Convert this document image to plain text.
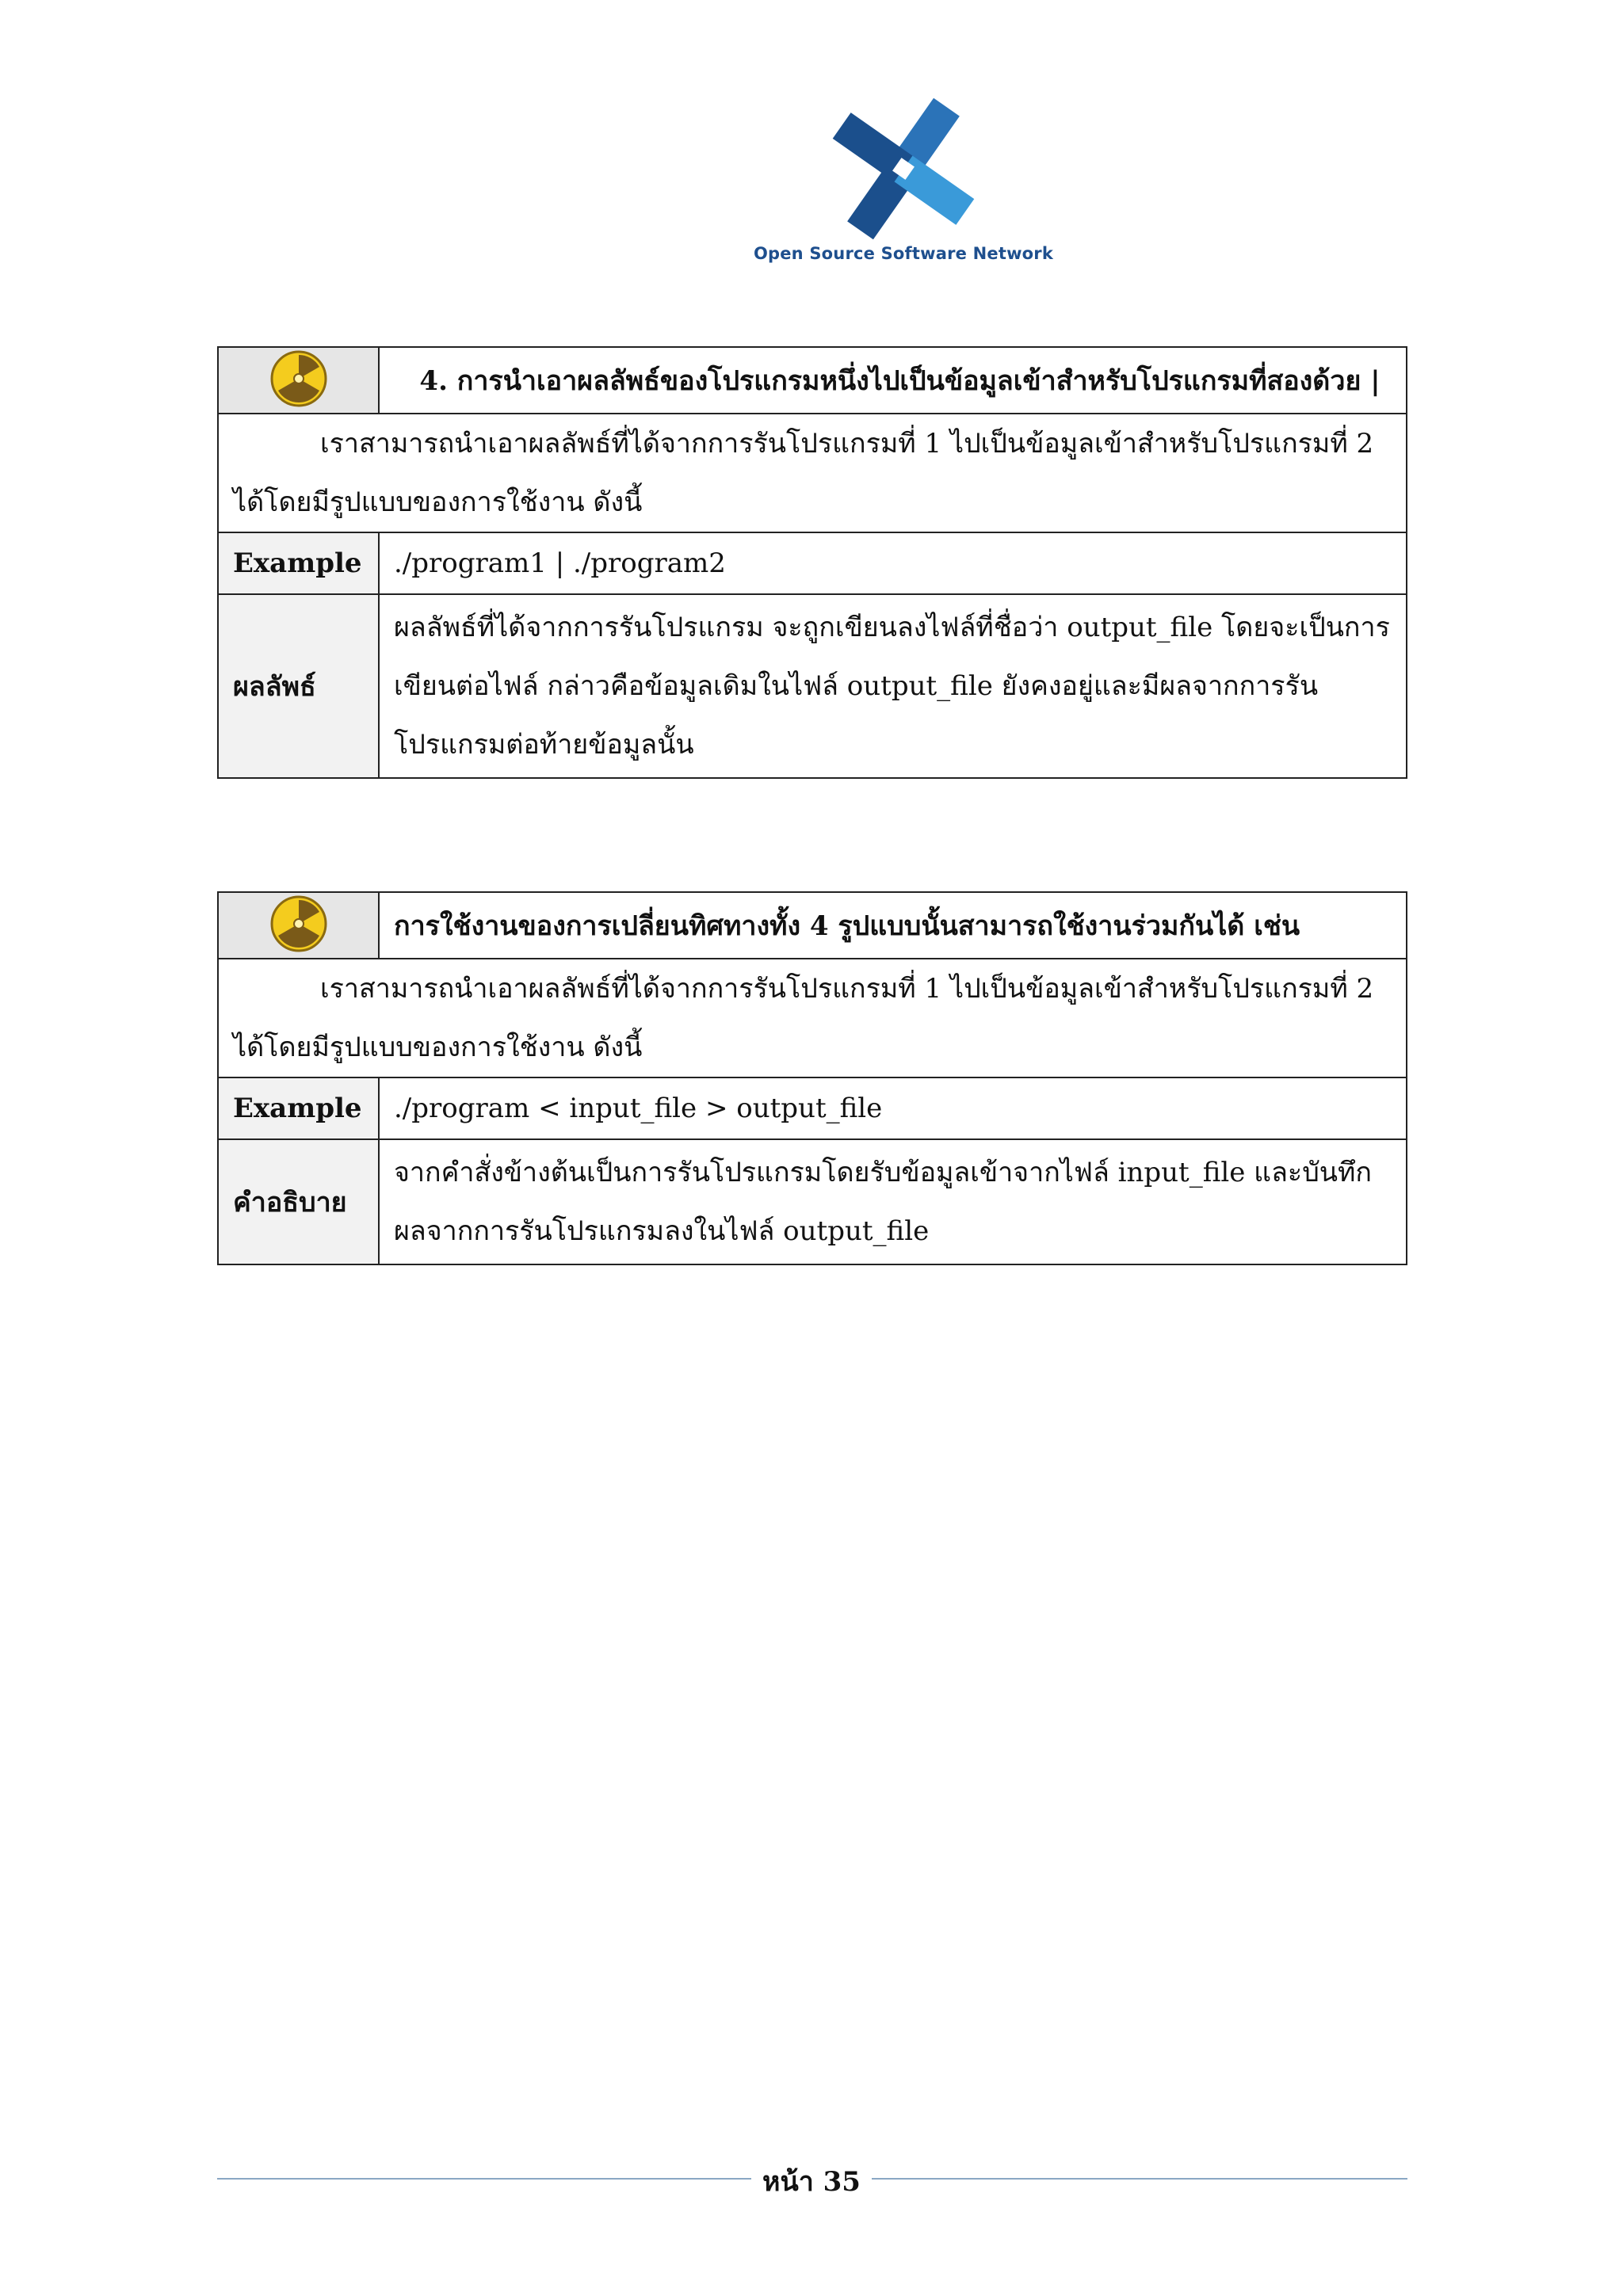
Open Source Software Network
	4. การนำเอาผลลัพธ์ของโปรแกรมหนึ่งไปเป็นข้อมูลเข้าสำหรับโปรแกรมที่สองด้วย |
เราสามารถนำเอาผลลัพธ์ที่ได้จากการรันโปรแกรมที่ 1 ไปเป็นข้อมูลเข้าสำหรับโปรแกรมที่ 2 ได้โดยมีรูปแบบของการใช้งาน ดังนี้	
Example	./program1 | ./program2
ผลลัพธ์	ผลลัพธ์ที่ได้จากการรันโปรแกรม จะถูกเขียนลงไฟล์ที่ชื่อว่า output_file โดยจะเป็นการเขียนต่อไฟล์ กล่าวคือข้อมูลเดิมในไฟล์ output_file ยังคงอยู่และมีผลจากการรันโปรแกรมต่อท้ายข้อมูลนั้น
	การใช้งานของการเปลี่ยนทิศทางทั้ง 4 รูปแบบนั้นสามารถใช้งานร่วมกันได้ เช่น
เราสามารถนำเอาผลลัพธ์ที่ได้จากการรันโปรแกรมที่ 1 ไปเป็นข้อมูลเข้าสำหรับโปรแกรมที่ 2 ได้โดยมีรูปแบบของการใช้งาน ดังนี้	
Example	./program < input_file > output_file
คำอธิบาย	จากคำสั่งข้างต้นเป็นการรันโปรแกรมโดยรับข้อมูลเข้าจากไฟล์ input_file และบันทึกผลจากการรันโปรแกรมลงในไฟล์ output_file
หน้า 35
